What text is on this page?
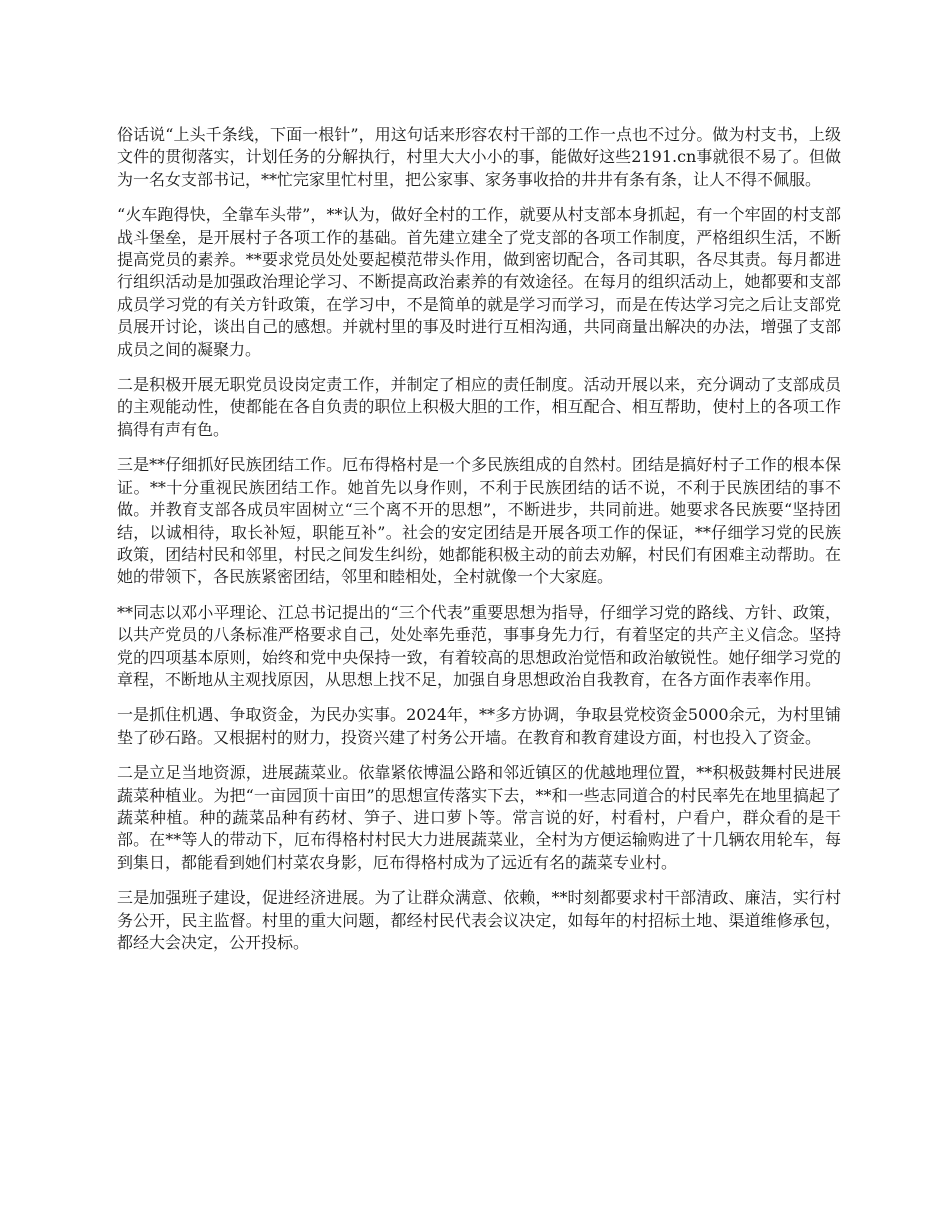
俗话说“上头千条线，下面一根针”，用这句话来形容农村干部的工作一点也不过分。做为村支书，上级文件的贯彻落实，计划任务的分解执行，村里大大小小的事，能做好这些2191.cn事就很不易了。但做为一名女支部书记，**忙完家里忙村里，把公家事、家务事收拾的井井有条有条，让人不得不佩服。

“火车跑得快，全靠车头带”，**认为，做好全村的工作，就要从村支部本身抓起，有一个牢固的村支部战斗堡垒，是开展村子各项工作的基础。首先建立建全了党支部的各项工作制度，严格组织生活，不断提高党员的素养。**要求党员处处要起模范带头作用，做到密切配合，各司其职，各尽其责。每月都进行组织活动是加强政治理论学习、不断提高政治素养的有效途径。在每月的组织活动上，她都要和支部成员学习党的有关方针政策，在学习中，不是简单的就是学习而学习，而是在传达学习完之后让支部党员展开讨论，谈出自己的感想。并就村里的事及时进行互相沟通，共同商量出解决的办法，增强了支部成员之间的凝聚力。

二是积极开展无职党员设岗定责工作，并制定了相应的责任制度。活动开展以来，充分调动了支部成员的主观能动性，使都能在各自负责的职位上积极大胆的工作，相互配合、相互帮助，使村上的各项工作搞得有声有色。

三是**仔细抓好民族团结工作。厄布得格村是一个多民族组成的自然村。团结是搞好村子工作的根本保证。**十分重视民族团结工作。她首先以身作则，不利于民族团结的话不说，不利于民族团结的事不做。并教育支部各成员牢固树立“三个离不开的思想”，不断进步，共同前进。她要求各民族要“坚持团结，以诚相待，取长补短，职能互补”。社会的安定团结是开展各项工作的保证，**仔细学习党的民族政策，团结村民和邻里，村民之间发生纠纷，她都能积极主动的前去劝解，村民们有困难主动帮助。在她的带领下，各民族紧密团结，邻里和睦相处，全村就像一个大家庭。

**同志以邓小平理论、江总书记提出的“三个代表”重要思想为指导，仔细学习党的路线、方针、政策，以共产党员的八条标准严格要求自己，处处率先垂范，事事身先力行，有着坚定的共产主义信念。坚持党的四项基本原则，始终和党中央保持一致，有着较高的思想政治觉悟和政治敏锐性。她仔细学习党的章程，不断地从主观找原因，从思想上找不足，加强自身思想政治自我教育，在各方面作表率作用。

一是抓住机遇、争取资金，为民办实事。2024年，**多方协调，争取县党校资金5000余元，为村里铺垫了砂石路。又根据村的财力，投资兴建了村务公开墙。在教育和教育建设方面，村也投入了资金。

二是立足当地资源，进展蔬菜业。依靠紧依博温公路和邻近镇区的优越地理位置，**积极鼓舞村民进展蔬菜种植业。为把“一亩园顶十亩田”的思想宣传落实下去，**和一些志同道合的村民率先在地里搞起了蔬菜种植。种的蔬菜品种有药材、笋子、进口萝卜等。常言说的好，村看村，户看户，群众看的是干部。在**等人的带动下，厄布得格村村民大力进展蔬菜业，全村为方便运输购进了十几辆农用轮车，每到集日，都能看到她们村菜农身影，厄布得格村成为了远近有名的蔬菜专业村。

三是加强班子建设，促进经济进展。为了让群众满意、依赖，**时刻都要求村干部清政、廉洁，实行村务公开，民主监督。村里的重大问题，都经村民代表会议决定，如每年的村招标土地、渠道维修承包，都经大会决定，公开投标。
